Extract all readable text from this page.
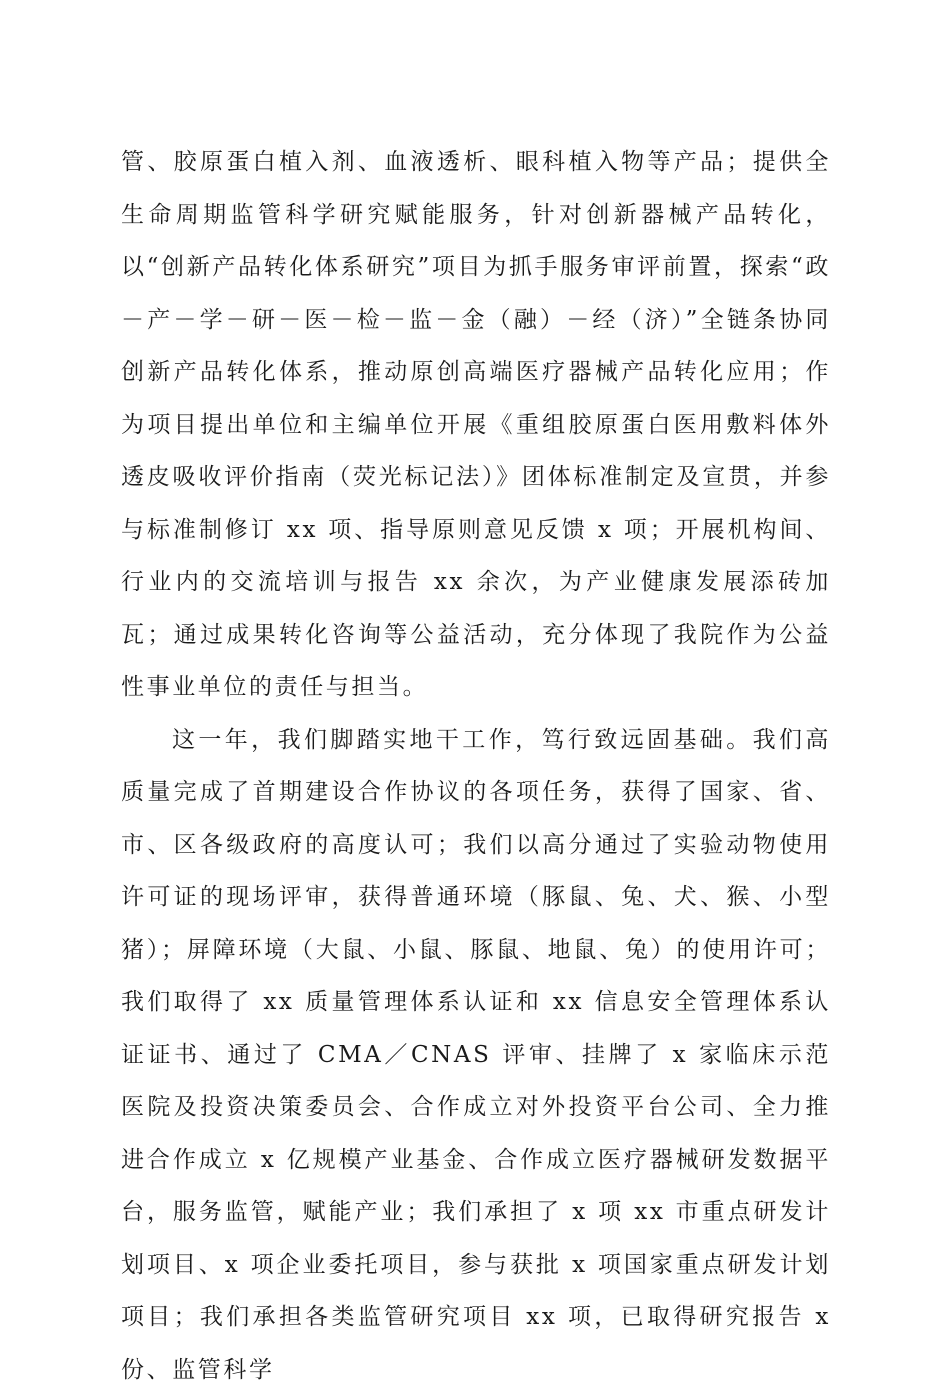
管、胶原蛋白植入剂、血液透析、眼科植入物等产品；提供全生命周期监管科学研究赋能服务，针对创新器械产品转化，以“创新产品转化体系研究”项目为抓手服务审评前置，探索“政－产－学－研－医－检－监－金（融）－经（济）”全链条协同创新产品转化体系，推动原创高端医疗器械产品转化应用；作为项目提出单位和主编单位开展《重组胶原蛋白医用敷料体外透皮吸收评价指南（荧光标记法）》团体标准制定及宣贯，并参与标准制修订 xx 项、指导原则意见反馈 x 项；开展机构间、行业内的交流培训与报告 xx 余次，为产业健康发展添砖加瓦；通过成果转化咨询等公益活动，充分体现了我院作为公益性事业单位的责任与担当。

这一年，我们脚踏实地干工作，笃行致远固基础。我们高质量完成了首期建设合作协议的各项任务，获得了国家、省、市、区各级政府的高度认可；我们以高分通过了实验动物使用许可证的现场评审，获得普通环境（豚鼠、兔、犬、猴、小型猪）；屏障环境（大鼠、小鼠、豚鼠、地鼠、兔）的使用许可；我们取得了 xx 质量管理体系认证和 xx 信息安全管理体系认证证书、通过了 CMA／CNAS 评审、挂牌了 x 家临床示范医院及投资决策委员会、合作成立对外投资平台公司、全力推进合作成立 x 亿规模产业基金、合作成立医疗器械研发数据平台，服务监管，赋能产业；我们承担了 x 项 xx 市重点研发计划项目、x 项企业委托项目，参与获批 x 项国家重点研发计划项目；我们承担各类监管研究项目 xx 项，已取得研究报告 x 份、监管科学
